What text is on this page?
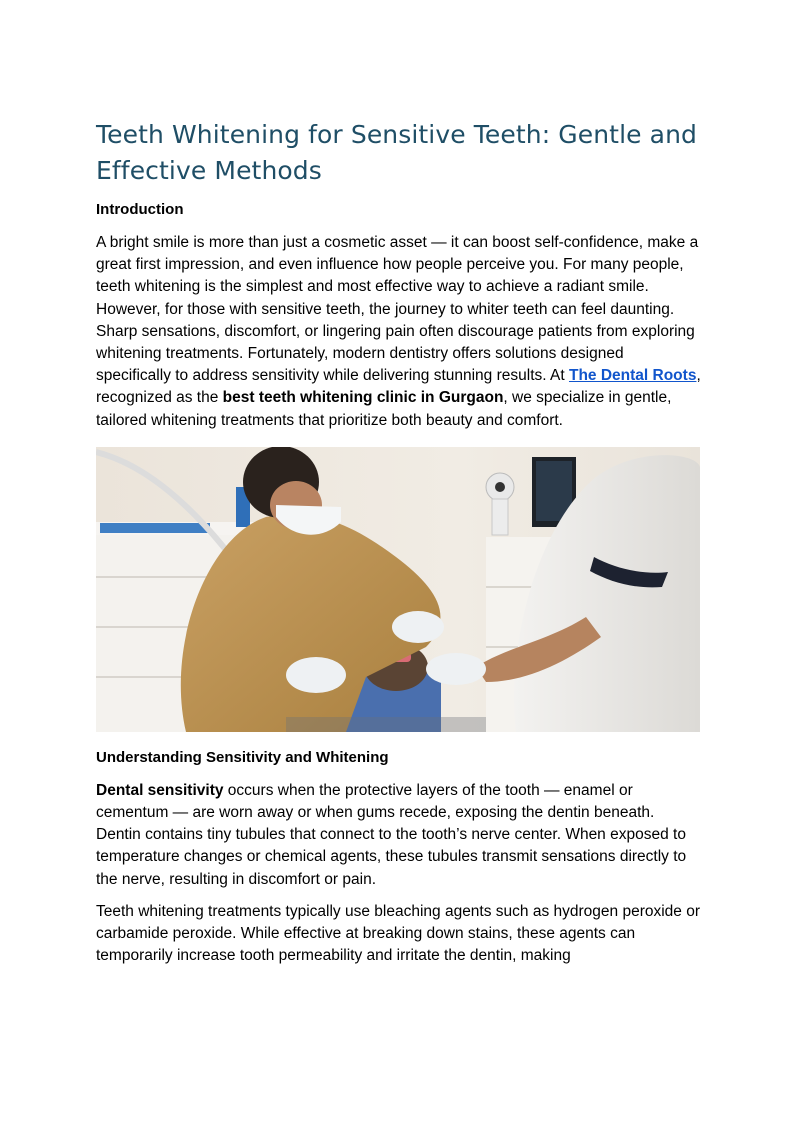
Teeth Whitening for Sensitive Teeth: Gentle and Effective Methods
Introduction

A bright smile is more than just a cosmetic asset — it can boost self-confidence, make a great first impression, and even influence how people perceive you. For many people, teeth whitening is the simplest and most effective way to achieve a radiant smile. However, for those with sensitive teeth, the journey to whiter teeth can feel daunting. Sharp sensations, discomfort, or lingering pain often discourage patients from exploring whitening treatments. Fortunately, modern dentistry offers solutions designed specifically to address sensitivity while delivering stunning results. At The Dental Roots, recognized as the best teeth whitening clinic in Gurgaon, we specialize in gentle, tailored whitening treatments that prioritize both beauty and comfort.

Understanding Sensitivity and Whitening

Dental sensitivity occurs when the protective layers of the tooth — enamel or cementum — are worn away or when gums recede, exposing the dentin beneath. Dentin contains tiny tubules that connect to the tooth’s nerve center. When exposed to temperature changes or chemical agents, these tubules transmit sensations directly to the nerve, resulting in discomfort or pain.

Teeth whitening treatments typically use bleaching agents such as hydrogen peroxide or carbamide peroxide. While effective at breaking down stains, these agents can temporarily increase tooth permeability and irritate the dentin, making
